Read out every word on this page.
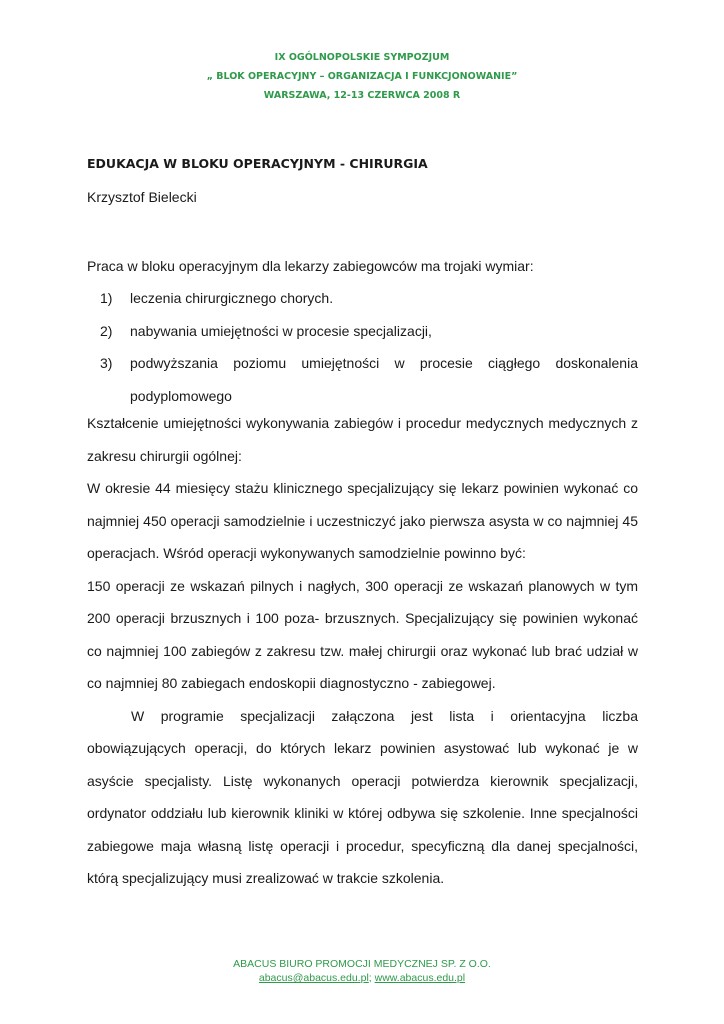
IX OGÓLNOPOLSKIE SYMPOZJUM
„ BLOK OPERACYJNY – ORGANIZACJA I FUNKCJONOWANIE”
WARSZAWA, 12-13 CZERWCA 2008 R
EDUKACJA W BLOKU OPERACYJNYM - CHIRURGIA
Krzysztof Bielecki
Praca w bloku operacyjnym dla lekarzy zabiegowców ma trojaki wymiar:
1)	leczenia chirurgicznego chorych.
2)	nabywania umiejętności w procesie specjalizacji,
3)	podwyższania poziomu umiejętności w procesie ciągłego doskonalenia
podyplomowego

Kształcenie umiejętności wykonywania zabiegów i procedur medycznych medycznych z zakresu chirurgii ogólnej:

W okresie 44 miesięcy stażu klinicznego specjalizujący się lekarz powinien wykonać co najmniej 450 operacji samodzielnie i uczestniczyć jako pierwsza asysta w co najmniej 45 operacjach. Wśród operacji wykonywanych samodzielnie powinno być:

150 operacji ze wskazań pilnych i nagłych, 300 operacji ze wskazań planowych w tym 200 operacji brzusznych i 100 poza- brzusznych. Specjalizujący się powinien wykonać co najmniej 100 zabiegów z zakresu tzw. małej chirurgii oraz wykonać lub brać udział w co najmniej 80 zabiegach endoskopii diagnostyczno - zabiegowej.

W programie specjalizacji załączona jest lista i orientacyjna liczba obowiązujących operacji, do których lekarz powinien asystować lub wykonać je w asyście specjalisty. Listę wykonanych operacji potwierdza kierownik specjalizacji, ordynator oddziału lub kierownik kliniki w której odbywa się szkolenie. Inne specjalności zabiegowe maja własną listę operacji i procedur, specyficzną dla danej specjalności, którą specjalizujący musi zrealizować w trakcie szkolenia.

ABACUS BIURO PROMOCJI MEDYCZNEJ SP. Z O.O.
abacus@abacus.edu.pl; www.abacus.edu.pl
